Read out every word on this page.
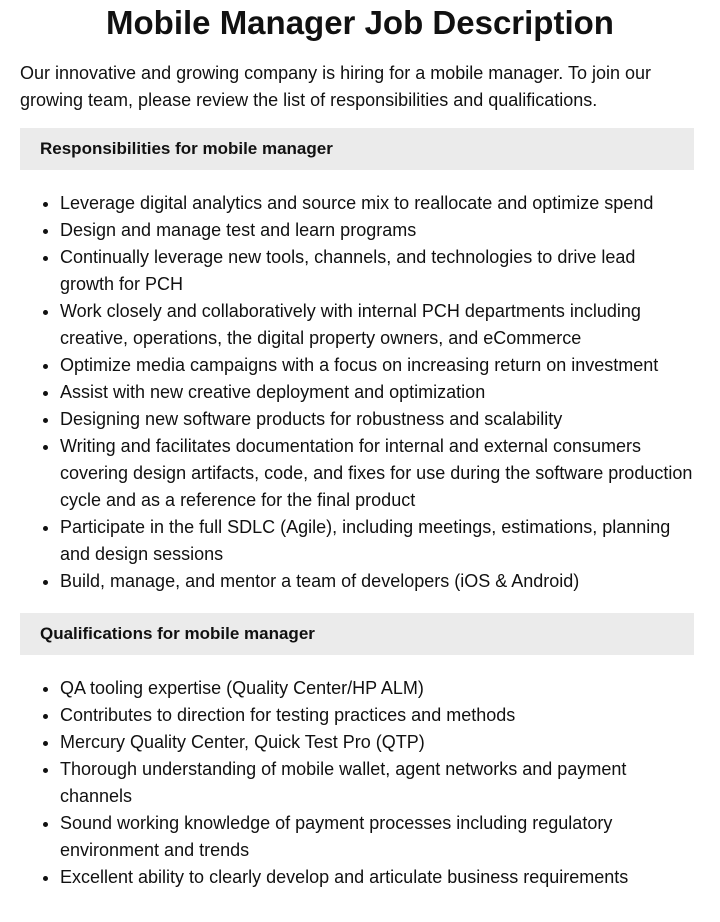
Mobile Manager Job Description

Our innovative and growing company is hiring for a mobile manager. To join our growing team, please review the list of responsibilities and qualifications.

Responsibilities for mobile manager
• Leverage digital analytics and source mix to reallocate and optimize spend
• Design and manage test and learn programs
• Continually leverage new tools, channels, and technologies to drive lead growth for PCH
• Work closely and collaboratively with internal PCH departments including creative, operations, the digital property owners, and eCommerce
• Optimize media campaigns with a focus on increasing return on investment
• Assist with new creative deployment and optimization
• Designing new software products for robustness and scalability
• Writing and facilitates documentation for internal and external consumers covering design artifacts, code, and fixes for use during the software production cycle and as a reference for the final product
• Participate in the full SDLC (Agile), including meetings, estimations, planning and design sessions
• Build, manage, and mentor a team of developers (iOS & Android)
Qualifications for mobile manager
• QA tooling expertise (Quality Center/HP ALM)
• Contributes to direction for testing practices and methods
• Mercury Quality Center, Quick Test Pro (QTP)
• Thorough understanding of mobile wallet, agent networks and payment channels
• Sound working knowledge of payment processes including regulatory environment and trends
• Excellent ability to clearly develop and articulate business requirements
